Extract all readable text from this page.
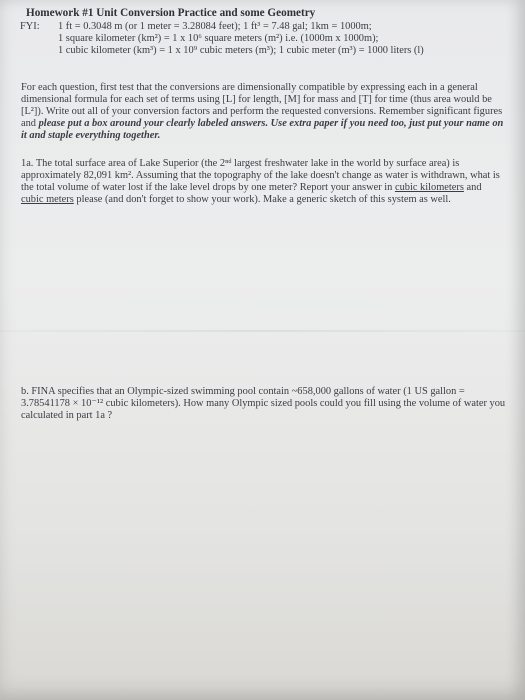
Homework #1 Unit Conversion Practice and some Geometry
FYI: 1 ft = 0.3048 m (or 1 meter = 3.28084 feet); 1 ft³ = 7.48 gal; 1km = 1000m;
1 square kilometer (km²) = 1 x 10⁶ square meters (m²) i.e. (1000m x 1000m);
1 cubic kilometer (km³) = 1 x 10⁹ cubic meters (m³); 1 cubic meter (m³) = 1000 liters (l)
For each question, first test that the conversions are dimensionally compatible by expressing each in a general dimensional formula for each set of terms using [L] for length, [M] for mass and [T] for time (thus area would be [L²]). Write out all of your conversion factors and perform the requested conversions. Remember significant figures and please put a box around your clearly labeled answers. Use extra paper if you need too, just put your name on it and staple everything together.
1a. The total surface area of Lake Superior (the 2ⁿᵈ largest freshwater lake in the world by surface area) is approximately 82,091 km². Assuming that the topography of the lake doesn't change as water is withdrawn, what is the total volume of water lost if the lake level drops by one meter? Report your answer in cubic kilometers and cubic meters please (and don't forget to show your work). Make a generic sketch of this system as well.
b. FINA specifies that an Olympic-sized swimming pool contain ~658,000 gallons of water (1 US gallon = 3.78541178 × 10⁻¹² cubic kilometers). How many Olympic sized pools could you fill using the volume of water you calculated in part 1a ?
